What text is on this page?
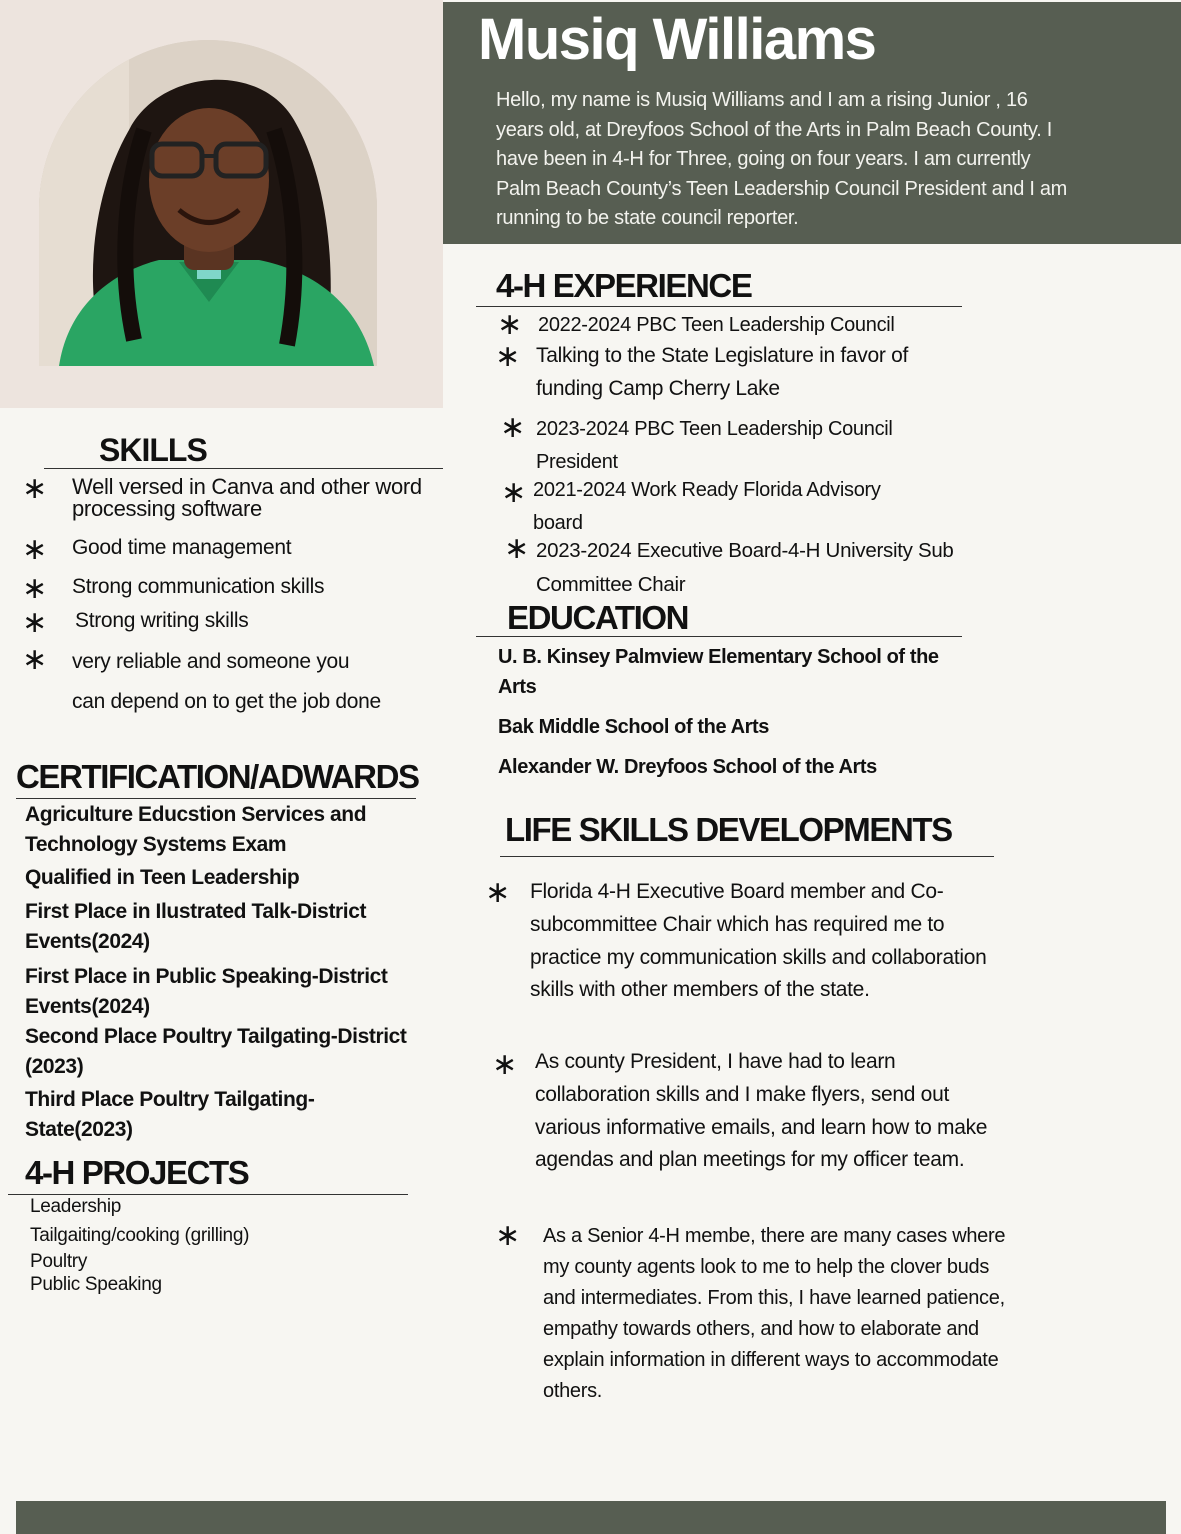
Musiq Williams
Hello, my name is Musiq Williams and I am a rising Junior , 16 years old, at Dreyfoos School of the Arts in Palm Beach County. I have been in 4-H for Three, going on four years. I am currently Palm Beach County’s Teen Leadership Council President and I am running to be state council reporter.
SKILLS
∗ Well versed in Canva and other word processing software
∗ Good time management
∗ Strong communication skills
∗ Strong writing skills
∗ very reliable and someone you can depend on to get the job done
CERTIFICATION/ADWARDS
Agriculture Educstion Services and Technology Systems Exam
Qualified in Teen Leadership
First Place in Ilustrated Talk-District Events(2024)
First Place in Public Speaking-District Events(2024)
Second Place Poultry Tailgating-District (2023)
Third Place Poultry Tailgating-State(2023)
4-H PROJECTS
Leadership
Tailgaiting/cooking (grilling)
Poultry
Public Speaking
4-H EXPERIENCE
∗ 2022-2024 PBC Teen Leadership Council
∗ Talking to the State Legislature in favor of funding Camp Cherry Lake
∗ 2023-2024 PBC Teen Leadership Council President
∗ 2021-2024 Work Ready Florida Advisory board
∗ 2023-2024 Executive Board-4-H University Sub Committee Chair
EDUCATION
U. B. Kinsey Palmview Elementary School of the Arts
Bak Middle School of the Arts
Alexander W. Dreyfoos School of the Arts
LIFE SKILLS DEVELOPMENTS
∗ Florida 4-H Executive Board member and Co-subcommittee Chair which has required me to practice my communication skills and collaboration skills with other members of the state.
∗ As county President, I have had to learn collaboration skills and I make flyers, send out various informative emails, and learn how to make agendas and plan meetings for my officer team.
∗ As a Senior 4-H membe, there are many cases where my county agents look to me to help the clover buds and intermediates. From this, I have learned patience, empathy towards others, and how to elaborate and explain information in different ways to accommodate others.
